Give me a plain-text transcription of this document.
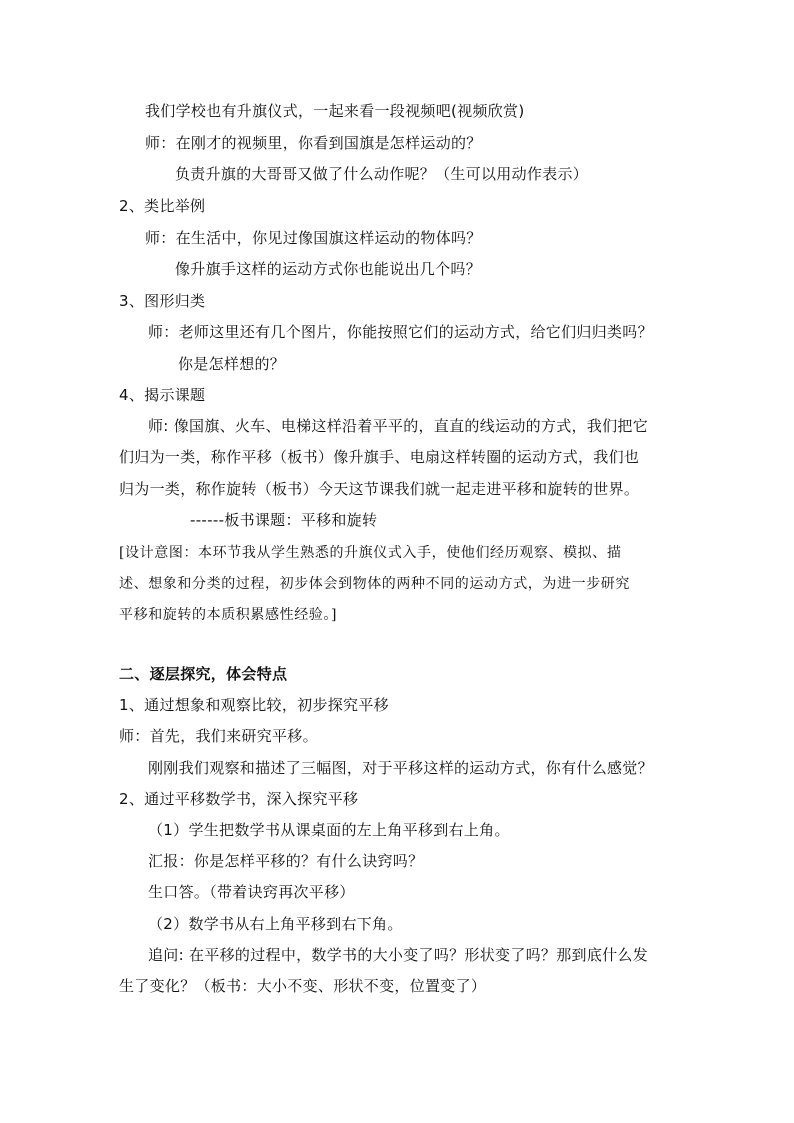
我们学校也有升旗仪式，一起来看一段视频吧(视频欣赏)
师：在刚才的视频里，你看到国旗是怎样运动的？
负责升旗的大哥哥又做了什么动作呢？（生可以用动作表示）
2、类比举例
师：在生活中，你见过像国旗这样运动的物体吗？
像升旗手这样的运动方式你也能说出几个吗？
3、图形归类
师：老师这里还有几个图片，你能按照它们的运动方式，给它们归归类吗？
你是怎样想的？
4、揭示课题
师: 像国旗、火车、电梯这样沿着平平的，直直的线运动的方式，我们把它
们归为一类，称作平移（板书）像升旗手、电扇这样转圈的运动方式，我们也
归为一类，称作旋转（板书）今天这节课我们就一起走进平移和旋转的世界。
------板书课题：平移和旋转
[设计意图：本环节我从学生熟悉的升旗仪式入手，使他们经历观察、模拟、描
述、想象和分类的过程，初步体会到物体的两种不同的运动方式，为进一步研究
平移和旋转的本质积累感性经验。]
二、逐层探究，体会特点
1、通过想象和观察比较，初步探究平移
师：首先，我们来研究平移。
刚刚我们观察和描述了三幅图，对于平移这样的运动方式，你有什么感觉？
2、通过平移数学书，深入探究平移
（1）学生把数学书从课桌面的左上角平移到右上角。
汇报：你是怎样平移的？有什么诀窍吗？
生口答。（带着诀窍再次平移）
（2）数学书从右上角平移到右下角。
追问: 在平移的过程中，数学书的大小变了吗？形状变了吗？那到底什么发
生了变化？（板书：大小不变、形状不变，位置变了）
